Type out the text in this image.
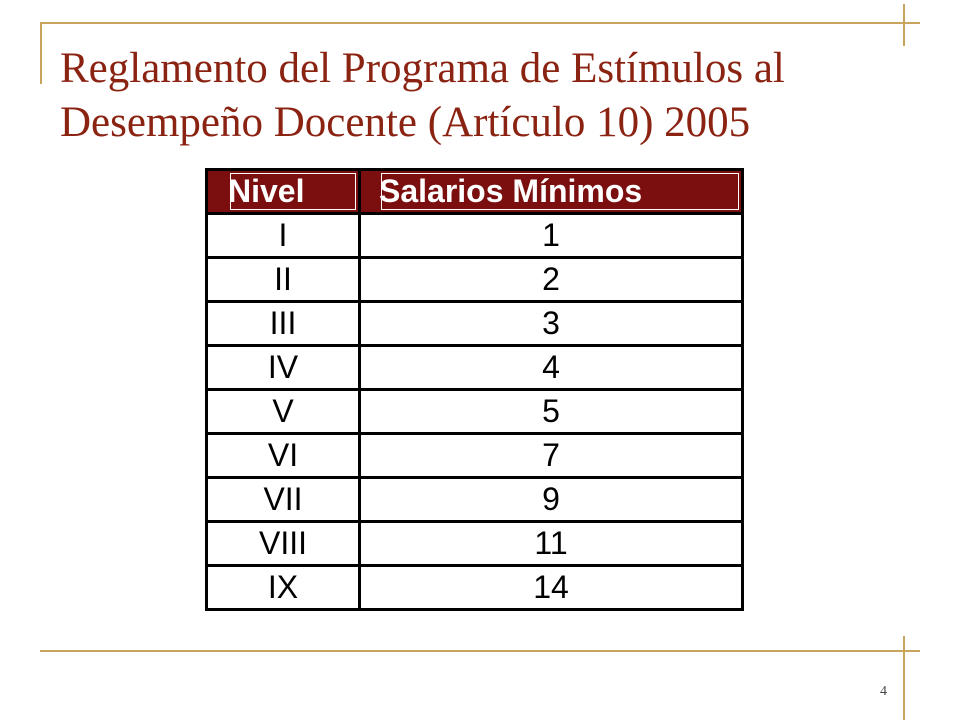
Reglamento del Programa de Estímulos al Desempeño Docente (Artículo 10) 2005
Nivel	Salarios Mínimos

I	1
II	2
III	3
IV	4
V	5
VI	7
VII	9
VIII	11
IX	14
4
